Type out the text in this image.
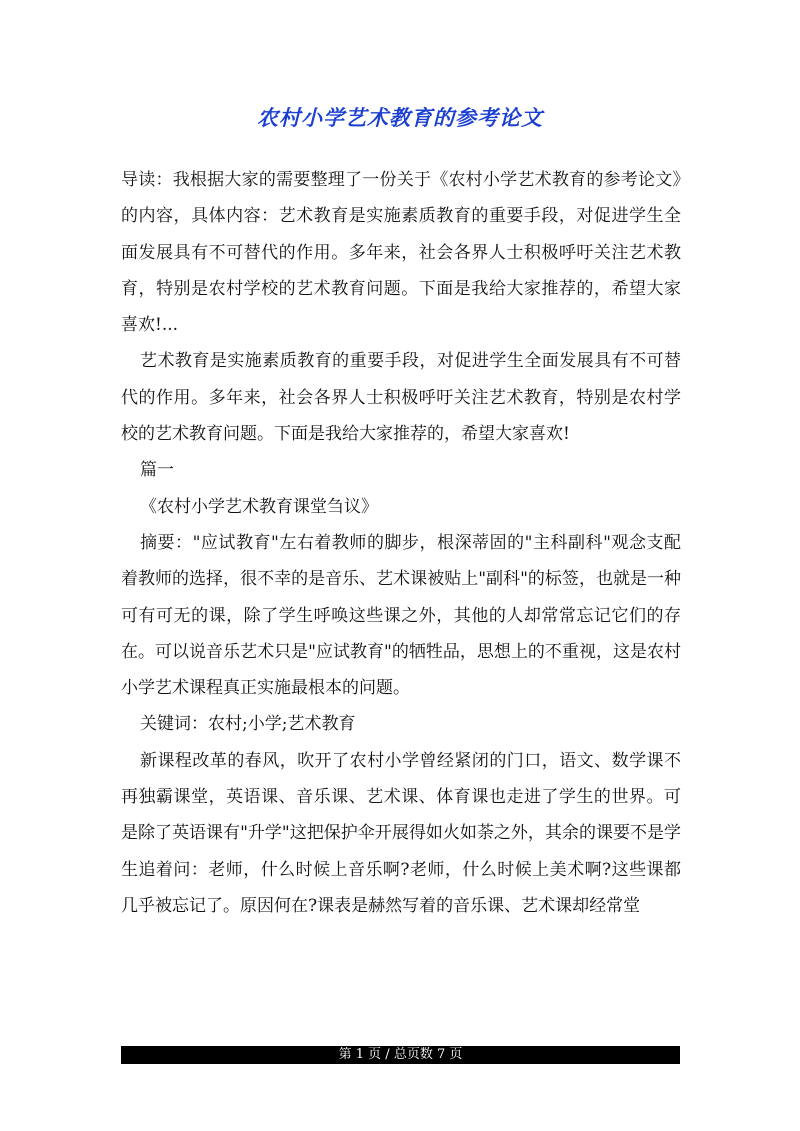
农村小学艺术教育的参考论文

导读：我根据大家的需要整理了一份关于《农村小学艺术教育的参考论文》的内容，具体内容：艺术教育是实施素质教育的重要手段，对促进学生全面发展具有不可替代的作用。多年来，社会各界人士积极呼吁关注艺术教育，特别是农村学校的艺术教育问题。下面是我给大家推荐的，希望大家喜欢!...

艺术教育是实施素质教育的重要手段，对促进学生全面发展具有不可替代的作用。多年来，社会各界人士积极呼吁关注艺术教育，特别是农村学校的艺术教育问题。下面是我给大家推荐的，希望大家喜欢!

篇一

《农村小学艺术教育课堂刍议》

摘要："应试教育"左右着教师的脚步，根深蒂固的"主科副科"观念支配着教师的选择，很不幸的是音乐、艺术课被贴上"副科"的标签，也就是一种可有可无的课，除了学生呼唤这些课之外，其他的人却常常忘记它们的存在。可以说音乐艺术只是"应试教育"的牺牲品，思想上的不重视，这是农村小学艺术课程真正实施最根本的问题。

关键词：农村;小学;艺术教育

新课程改革的春风，吹开了农村小学曾经紧闭的门口，语文、数学课不再独霸课堂，英语课、音乐课、艺术课、体育课也走进了学生的世界。可是除了英语课有"升学"这把保护伞开展得如火如荼之外，其余的课要不是学生追着问：老师，什么时候上音乐啊?老师，什么时候上美术啊?这些课都几乎被忘记了。原因何在?课表是赫然写着的音乐课、艺术课却经常堂

第 1 页 / 总页数 7 页
